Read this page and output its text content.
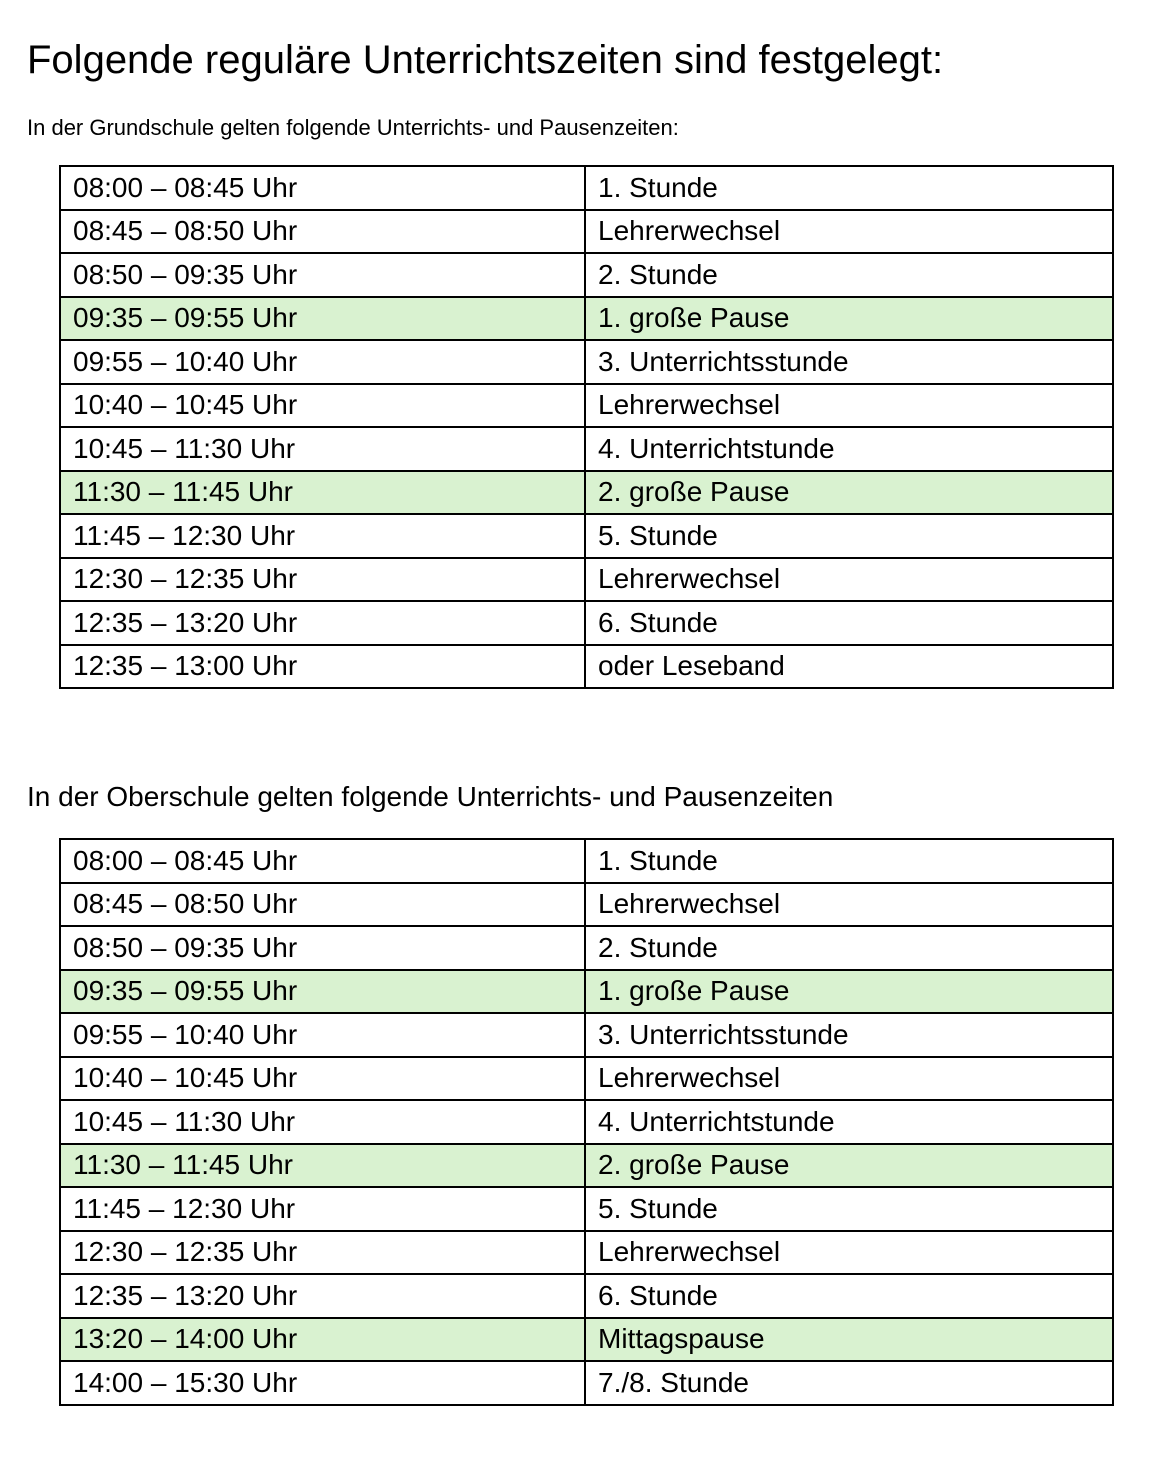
Folgende reguläre Unterrichtszeiten sind festgelegt:

In der Grundschule gelten folgende Unterrichts- und Pausenzeiten:

08:00 – 08:45 Uhr	1. Stunde
08:45 – 08:50 Uhr	Lehrerwechsel
08:50 – 09:35 Uhr	2. Stunde
09:35 – 09:55 Uhr	1. große Pause
09:55 – 10:40 Uhr	3. Unterrichtsstunde
10:40 – 10:45 Uhr	Lehrerwechsel
10:45 – 11:30 Uhr	4. Unterrichtstunde
11:30 – 11:45 Uhr	2. große Pause
11:45 – 12:30 Uhr	5. Stunde
12:30 – 12:35 Uhr	Lehrerwechsel
12:35 – 13:20 Uhr	6. Stunde
12:35 – 13:00 Uhr	oder Leseband

In der Oberschule gelten folgende Unterrichts- und Pausenzeiten

08:00 – 08:45 Uhr	1. Stunde
08:45 – 08:50 Uhr	Lehrerwechsel
08:50 – 09:35 Uhr	2. Stunde
09:35 – 09:55 Uhr	1. große Pause
09:55 – 10:40 Uhr	3. Unterrichtsstunde
10:40 – 10:45 Uhr	Lehrerwechsel
10:45 – 11:30 Uhr	4. Unterrichtstunde
11:30 – 11:45 Uhr	2. große Pause
11:45 – 12:30 Uhr	5. Stunde
12:30 – 12:35 Uhr	Lehrerwechsel
12:35 – 13:20 Uhr	6. Stunde
13:20 – 14:00 Uhr	Mittagspause
14:00 – 15:30 Uhr	7./8. Stunde
